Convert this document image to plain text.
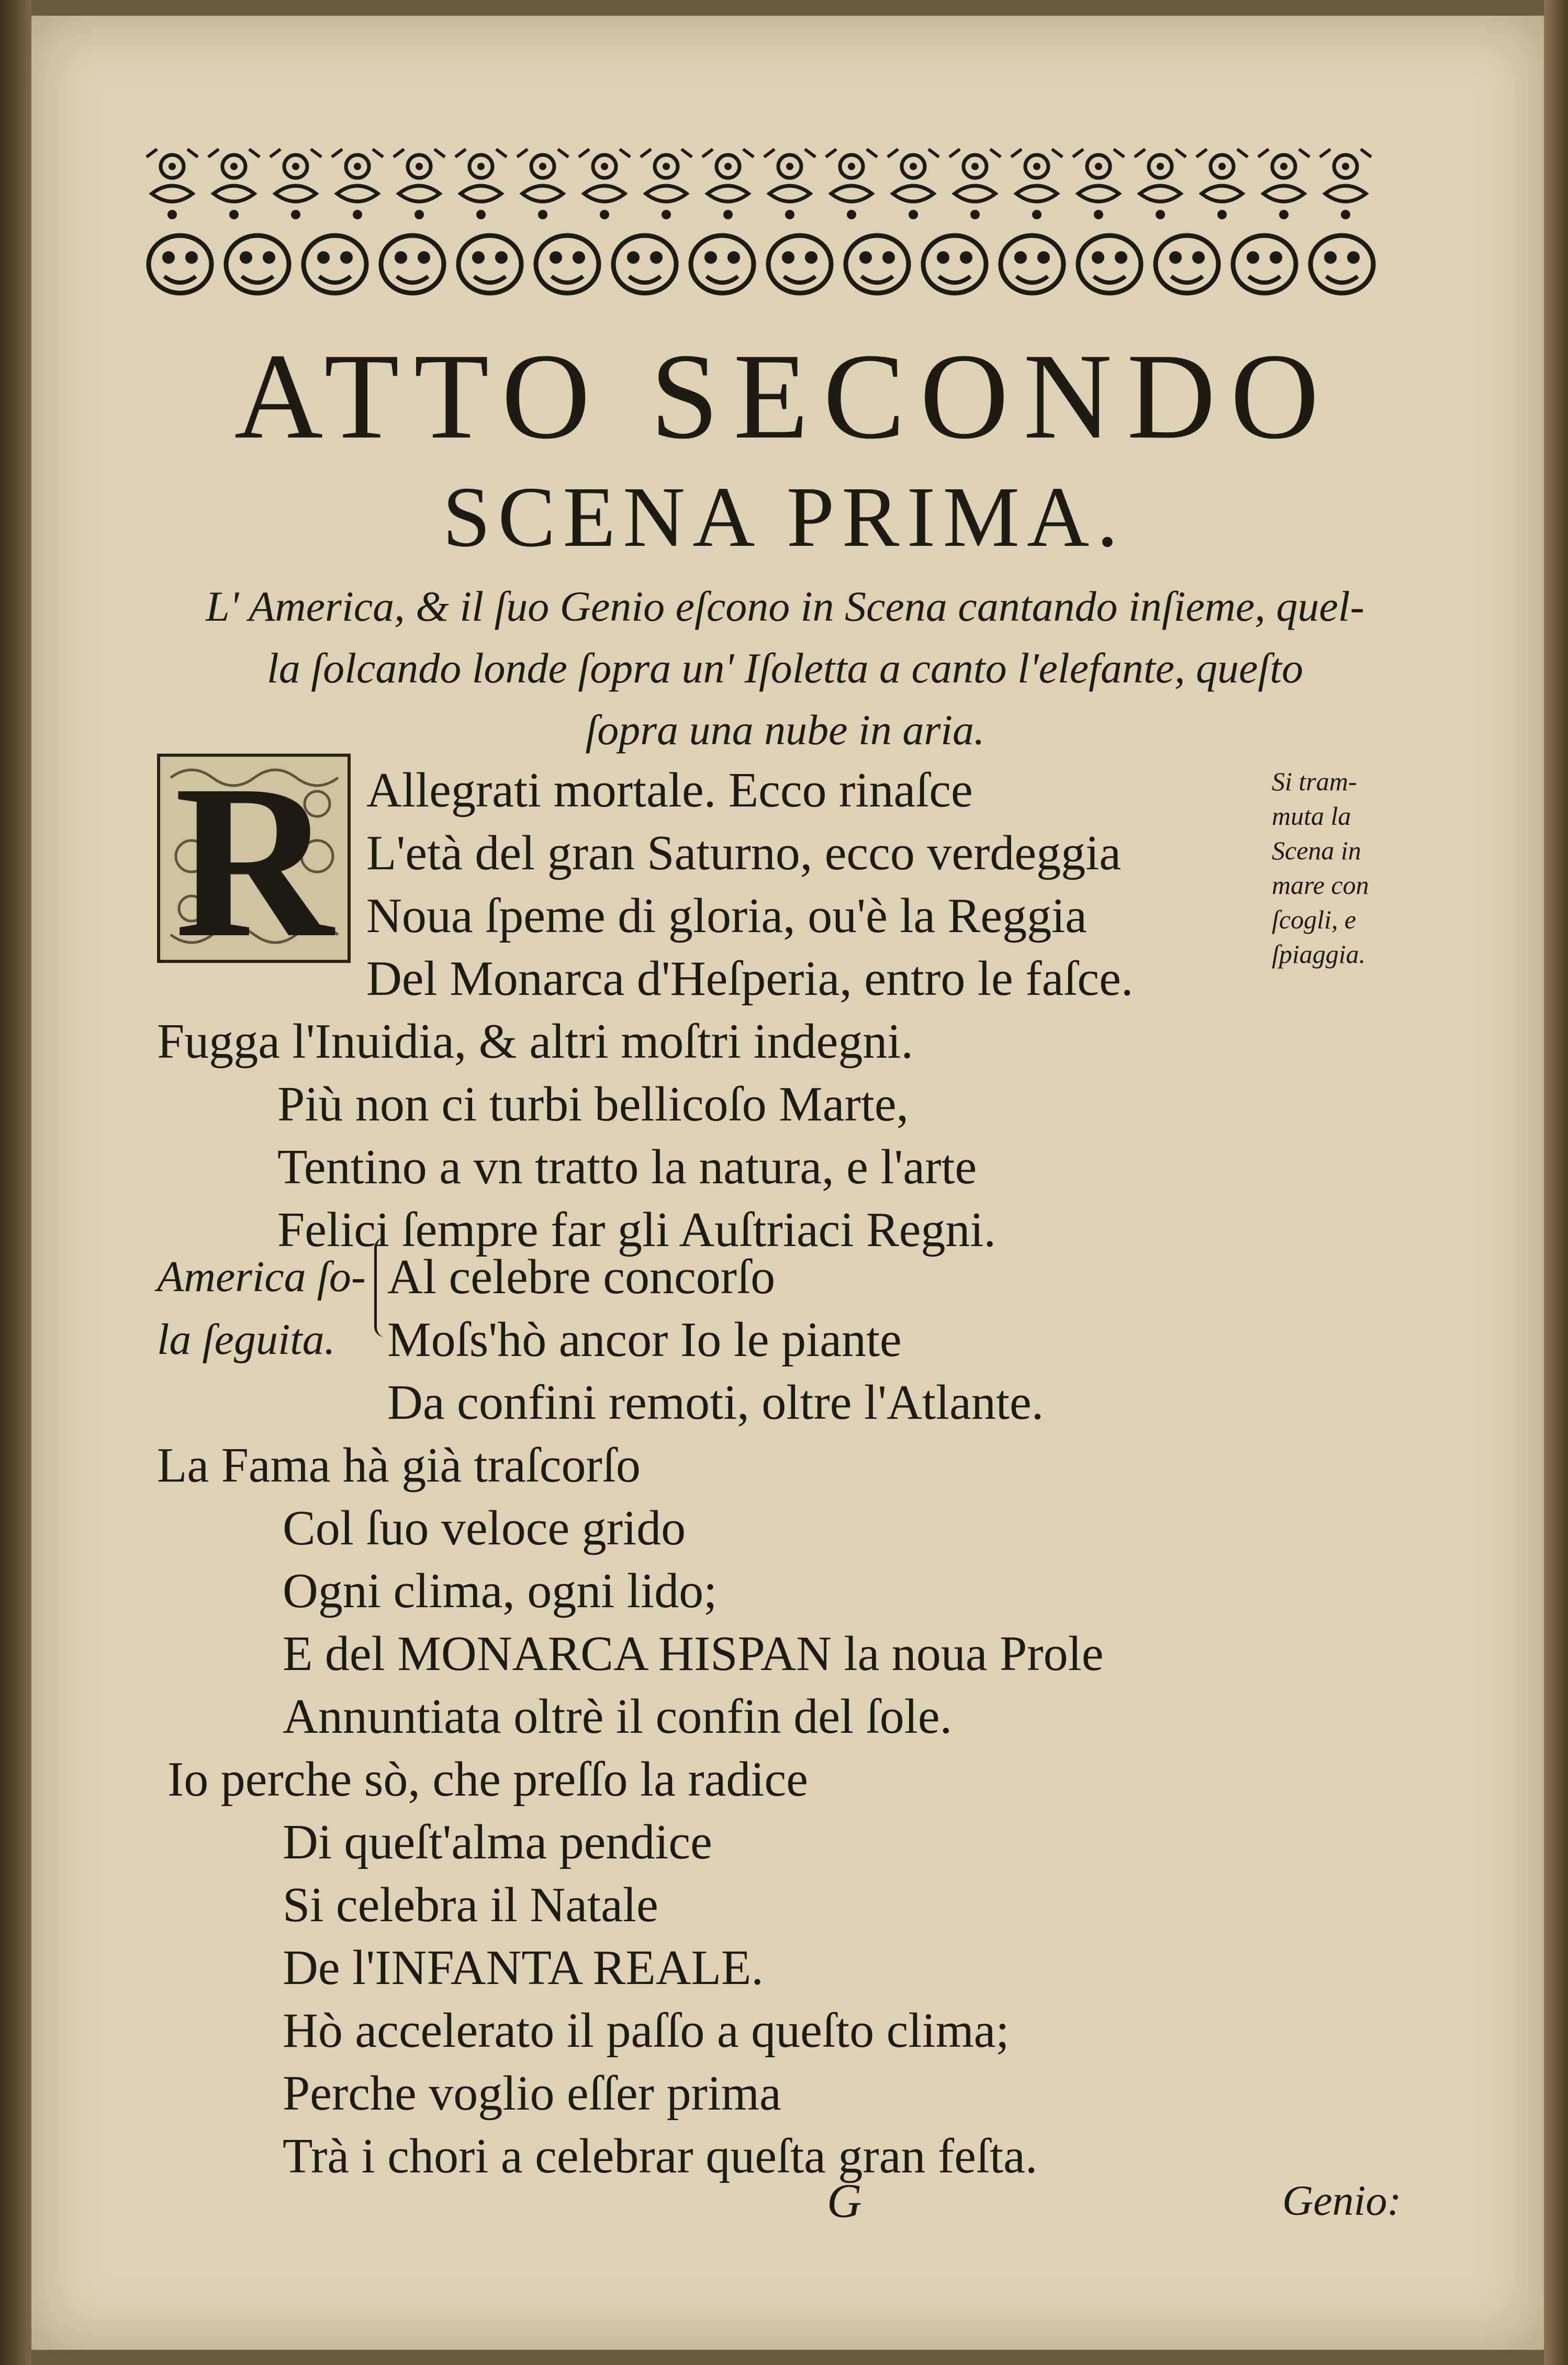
ATTO SECONDO
SCENA PRIMA.
L' America, & il ſuo Genio eſcono in Scena cantando inſieme, quel-
la ſolcando londe ſopra un' Iſoletta a canto l'elefante, queſto
ſopra una nube in aria.
R	Si tram-
muta la
Scena in
mare con
ſcogli, e
ſpiaggia.
America ſo-
la ſeguita.
Allegrati mortale. Ecco rinaſce
L'età del gran Saturno, ecco verdeggia
Noua ſpeme di gloria, ou'è la Reggia
Del Monarca d'Heſperia, entro le faſce.
Fugga l'Inuidia, & altri moſtri indegni.
Più non ci turbi bellicoſo Marte,
Tentino a vn tratto la natura, e l'arte
Felici ſempre far gli Auſtriaci Regni.
Al celebre concorſo
Moſs'hò ancor Io le piante
Da confini remoti, oltre l'Atlante.
La Fama hà già traſcorſo
Col ſuo veloce grido
Ogni clima, ogni lido;
E del MONARCA HISPAN la noua Prole
Annuntiata oltrè il confin del ſole.
Io perche sò, che preſſo la radice
Di queſt'alma pendice
Si celebra il Natale
De l'INFANTA REALE.
Hò accelerato il paſſo a queſto clima;
Perche voglio eſſer prima
Trà i chori a celebrar queſta gran feſta.
G	Genio:
